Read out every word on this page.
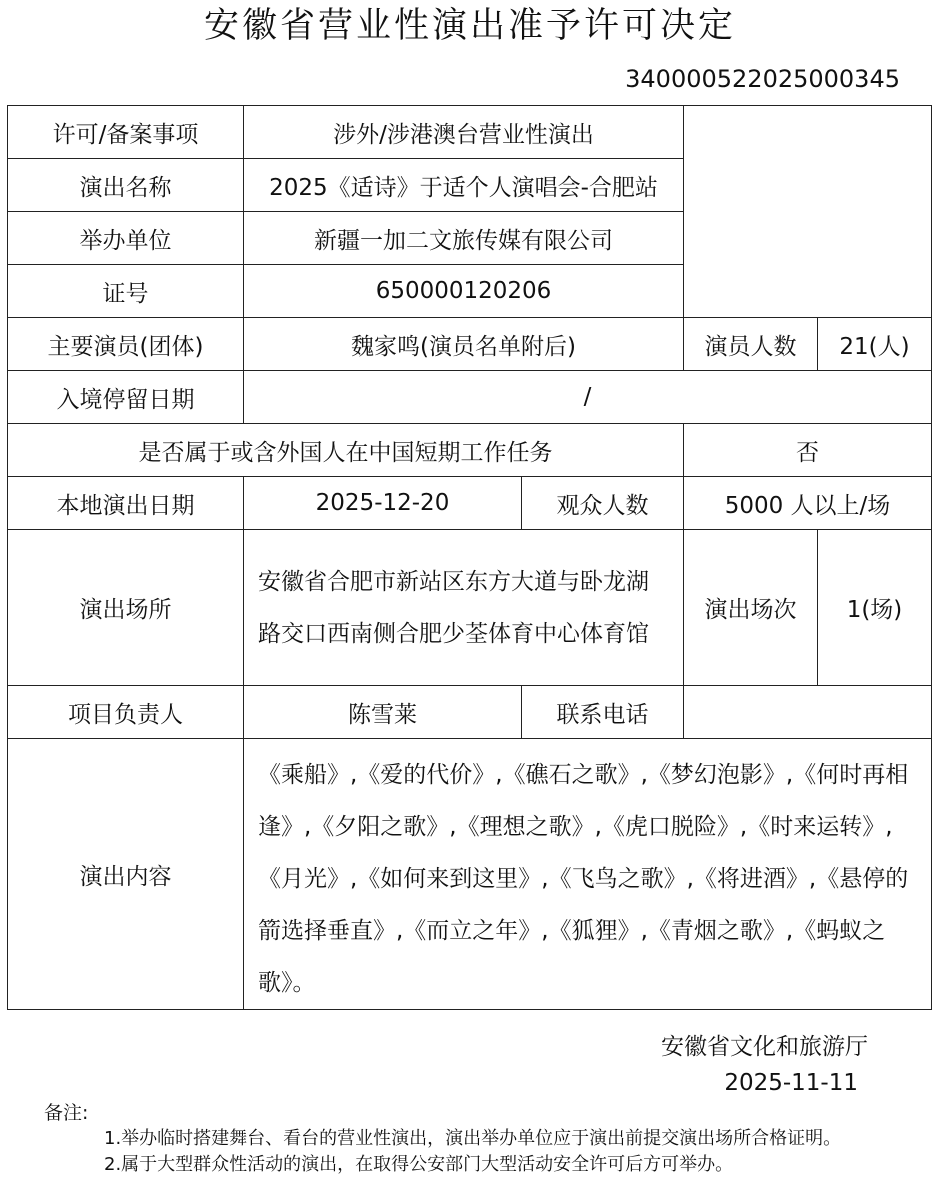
安徽省营业性演出准予许可决定
340000522025000345
许可/备案事项	涉外/涉港澳台营业性演出			
演出名称	2025《适诗》于适个人演唱会-合肥站			
举办单位	新疆一加二文旅传媒有限公司			
证号	650000120206			
主要演员(团体)	魏家鸣(演员名单附后)		演员人数	21(人)
入境停留日期	/			
是否属于或含外国人在中国短期工作任务			否	
本地演出日期	2025-12-20	观众人数	5000 人以上/场	
演出场所	安徽省合肥市新站区东方大道与卧龙湖路交口西南侧合肥少荃体育中心体育馆		演出场次	1(场)
项目负责人	陈雪莱	联系电话		
演出内容	《乘船》,《爱的代价》,《礁石之歌》,《梦幻泡影》,《何时再相逢》,《夕阳之歌》,《理想之歌》,《虎口脱险》,《时来运转》,《月光》,《如何来到这里》,《飞鸟之歌》,《将进酒》,《悬停的箭选择垂直》,《而立之年》,《狐狸》,《青烟之歌》,《蚂蚁之歌》。			
安徽省文化和旅游厅
2025-11-11
备注:
1.举办临时搭建舞台、看台的营业性演出，演出举办单位应于演出前提交演出场所合格证明。
2.属于大型群众性活动的演出，在取得公安部门大型活动安全许可后方可举办。
